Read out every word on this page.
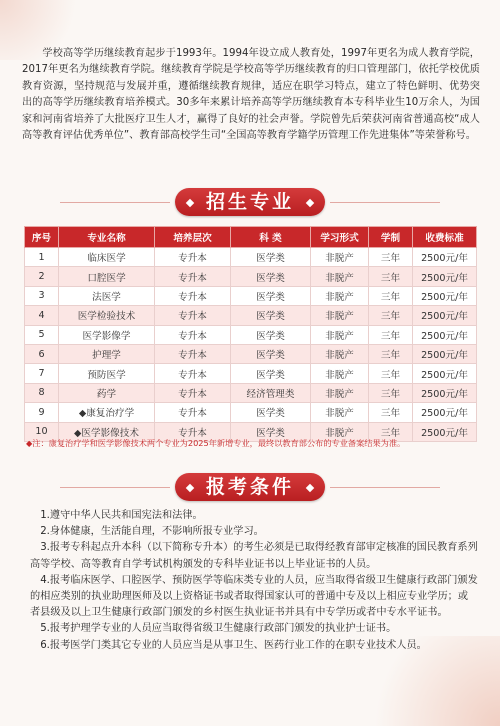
学校高等学历继续教育起步于1993年。1994年设立成人教育处，1997年更名为成人教育学院，2017年更名为继续教育学院。继续教育学院是学校高等学历继续教育的归口管理部门，依托学校优质教育资源，坚持规范与发展并重，遵循继续教育规律，适应在职学习特点，建立了特色鲜明、优势突出的高等学历继续教育培养模式。30多年来累计培养高等学历继续教育本专科毕业生10万余人，为国家和河南省培养了大批医疗卫生人才，赢得了良好的社会声誉。学院曾先后荣获河南省普通高校“成人高等教育评估优秀单位”、教育部高校学生司“全国高等教育学籍学历管理工作先进集体”等荣誉称号。

招生专业
序号	专业名称	培养层次	科 类	学习形式	学制	收费标准
1	临床医学	专升本	医学类	非脱产	三年	2500元/年
2	口腔医学	专升本	医学类	非脱产	三年	2500元/年
3	法医学	专升本	医学类	非脱产	三年	2500元/年
4	医学检验技术	专升本	医学类	非脱产	三年	2500元/年
5	医学影像学	专升本	医学类	非脱产	三年	2500元/年
6	护理学	专升本	医学类	非脱产	三年	2500元/年
7	预防医学	专升本	医学类	非脱产	三年	2500元/年
8	药学	专升本	经济管理类	非脱产	三年	2500元/年
9	◆康复治疗学	专升本	医学类	非脱产	三年	2500元/年
10	◆医学影像技术	专升本	医学类	非脱产	三年	2500元/年
◆注：康复治疗学和医学影像技术两个专业为2025年新增专业，最终以教育部公布的专业备案结果为准。
报考条件

1.遵守中华人民共和国宪法和法律。

2.身体健康，生活能自理，不影响所报专业学习。

3.报考专科起点升本科（以下简称专升本）的考生必须是已取得经教育部审定核准的国民教育系列高等学校、高等教育自学考试机构颁发的专科毕业证书以上毕业证书的人员。

4.报考临床医学、口腔医学、预防医学等临床类专业的人员，应当取得省级卫生健康行政部门颁发的相应类别的执业助理医师及以上资格证书或者取得国家认可的普通中专及以上相应专业学历；或者县级及以上卫生健康行政部门颁发的乡村医生执业证书并具有中专学历或者中专水平证书。

5.报考护理学专业的人员应当取得省级卫生健康行政部门颁发的执业护士证书。

6.报考医学门类其它专业的人员应当是从事卫生、医药行业工作的在职专业技术人员。
